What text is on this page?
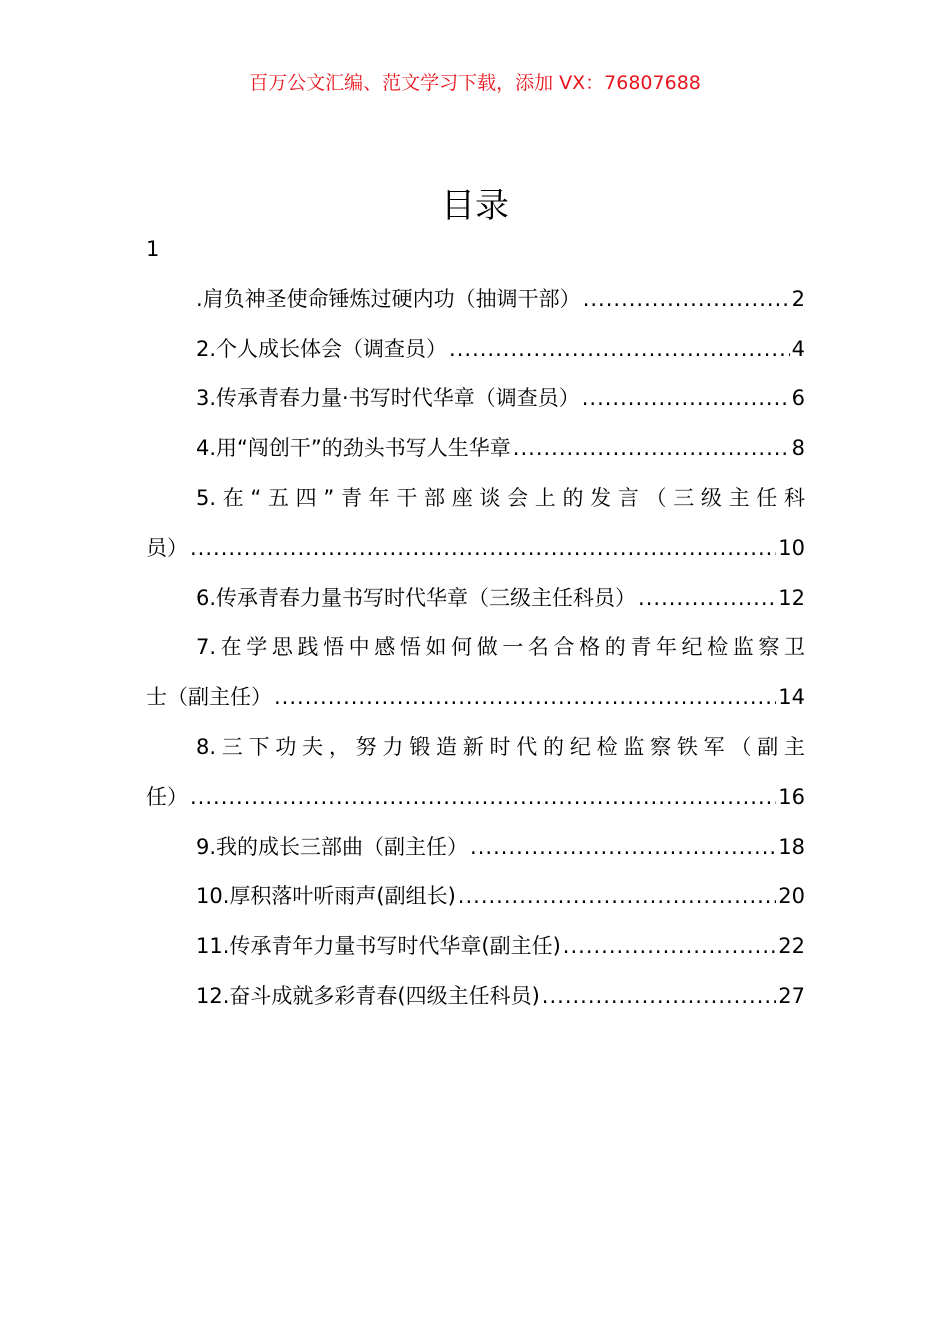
百万公文汇编、范文学习下载，添加 VX：76807688
目录
1
.肩负神圣使命锤炼过硬内功（抽调干部） .....	2
2.个人成长体会（调查员） .....	4
3.传承青春力量·书写时代华章（调查员） .....	6
4.用“闯创干”的劲头书写人生华章 .....	8
5.在“五四”青年干部座谈会上的发言（三级主任科
员） .....	10
6.传承青春力量书写时代华章（三级主任科员） .....	12
7.在学思践悟中感悟如何做一名合格的青年纪检监察卫
士（副主任） .....	14
8.三下功夫，努力锻造新时代的纪检监察铁军（副主
任） .....	16
9.我的成长三部曲（副主任） .....	18
10.厚积落叶听雨声(副组长) .....	20
11.传承青年力量书写时代华章(副主任) .....	22
12.奋斗成就多彩青春(四级主任科员) .....	27
